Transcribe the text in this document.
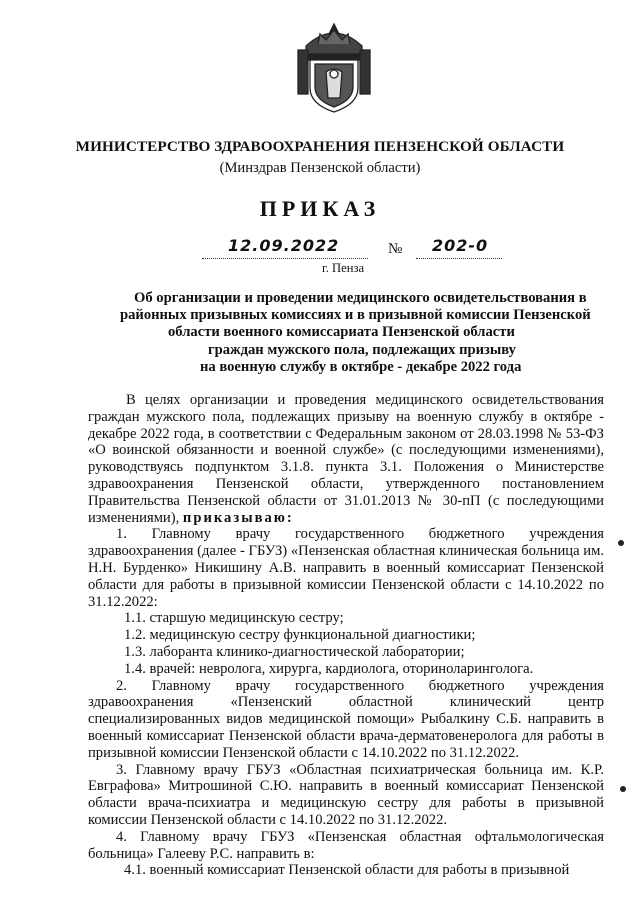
МИНИСТЕРСТВО ЗДРАВООХРАНЕНИЯ ПЕНЗЕНСКОЙ ОБЛАСТИ
(Минздрав Пензенской области)
ПРИКАЗ
12.09.2022	№ 202-0
г. Пенза
Об организации и проведении медицинского освидетельствования в
районных призывных комиссиях и в призывной комиссии Пензенской
области военного комиссариата Пензенской области
граждан мужского пола, подлежащих призыву
на военную службу в октябре - декабре 2022 года

В целях организации и проведения медицинского освидетельствования граждан мужского пола, подлежащих призыву на военную службу в октябре - декабре 2022 года, в соответствии с Федеральным законом от 28.03.1998 № 53-ФЗ «О воинской обязанности и военной службе» (с последующими изменениями), руководствуясь подпунктом 3.1.8. пункта 3.1. Положения о Министерстве здравоохранения Пензенской области, утвержденного постановлением Правительства Пензенской области от 31.01.2013 № 30-пП (с последующими изменениями), приказываю:

1. Главному врачу государственного бюджетного учреждения здравоохранения (далее - ГБУЗ) «Пензенская областная клиническая больница им. Н.Н. Бурденко» Никишину А.В. направить в военный комиссариат Пензенской области для работы в призывной комиссии Пензенской области с 14.10.2022 по 31.12.2022:

1.1. старшую медицинскую сестру;

1.2. медицинскую сестру функциональной диагностики;

1.3. лаборанта клинико-диагностической лаборатории;

1.4. врачей: невролога, хирурга, кардиолога, оториноларинголога.

2. Главному врачу государственного бюджетного учреждения здравоохранения «Пензенский областной клинический центр специализированных видов медицинской помощи» Рыбалкину С.Б. направить в военный комиссариат Пензенской области врача-дерматовенеролога для работы в призывной комиссии Пензенской области с 14.10.2022 по 31.12.2022.

3. Главному врачу ГБУЗ «Областная психиатрическая больница им. К.Р. Евграфова» Митрошиной С.Ю. направить в военный комиссариат Пензенской области врача-психиатра и медицинскую сестру для работы в призывной комиссии Пензенской области с 14.10.2022 по 31.12.2022.

4. Главному врачу ГБУЗ «Пензенская областная офтальмологическая больница» Галееву Р.С. направить в:

4.1. военный комиссариат Пензенской области для работы в призывной
